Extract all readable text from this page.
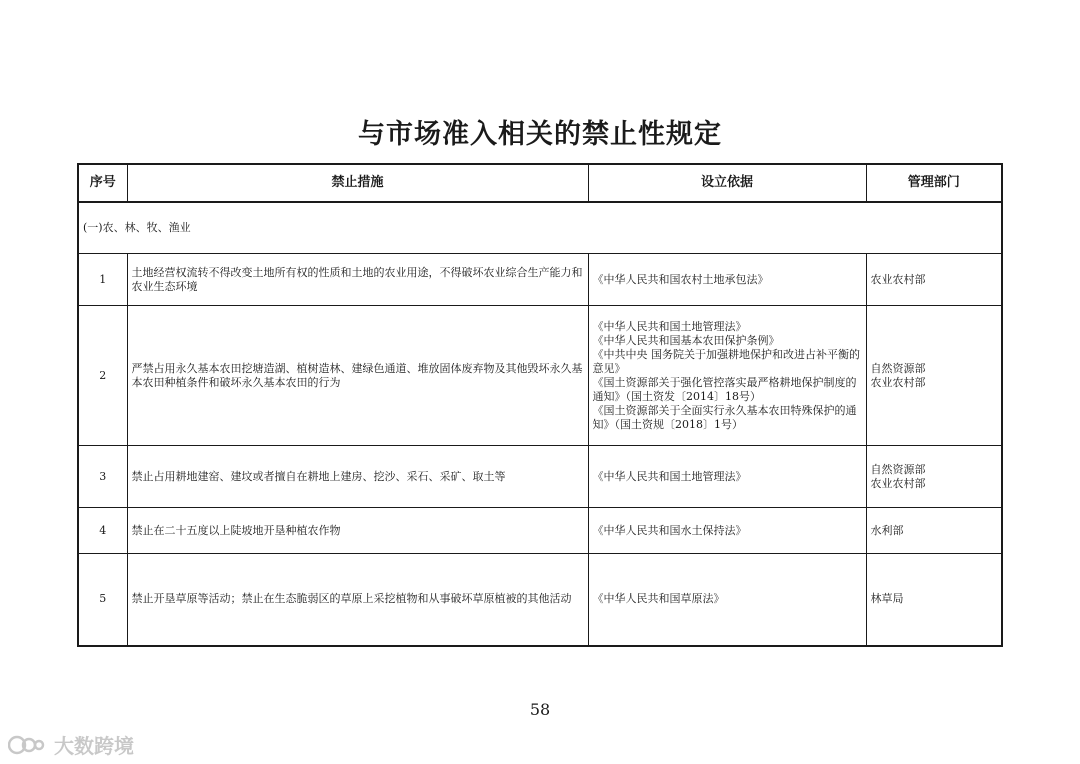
与市场准入相关的禁止性规定
序号	禁止措施	设立依据	管理部门
(一)农、林、牧、渔业			
1	土地经营权流转不得改变土地所有权的性质和土地的农业用途，不得破坏农业综合生产能力和农业生态环境	《中华人民共和国农村土地承包法》	农业农村部
2	严禁占用永久基本农田挖塘造湖、植树造林、建绿色通道、堆放固体废弃物及其他毁坏永久基本农田种植条件和破坏永久基本农田的行为	《中华人民共和国土地管理法》
《中华人民共和国基本农田保护条例》
《中共中央 国务院关于加强耕地保护和改进占补平衡的意见》
《国土资源部关于强化管控落实最严格耕地保护制度的通知》（国土资发〔2014〕18号）
《国土资源部关于全面实行永久基本农田特殊保护的通知》（国土资规〔2018〕1号）	自然资源部
农业农村部
3	禁止占用耕地建窑、建坟或者擅自在耕地上建房、挖沙、采石、采矿、取土等	《中华人民共和国土地管理法》	自然资源部
农业农村部
4	禁止在二十五度以上陡坡地开垦种植农作物	《中华人民共和国水土保持法》	水利部
5	禁止开垦草原等活动；禁止在生态脆弱区的草原上采挖植物和从事破坏草原植被的其他活动	《中华人民共和国草原法》	林草局
58
大数跨境
